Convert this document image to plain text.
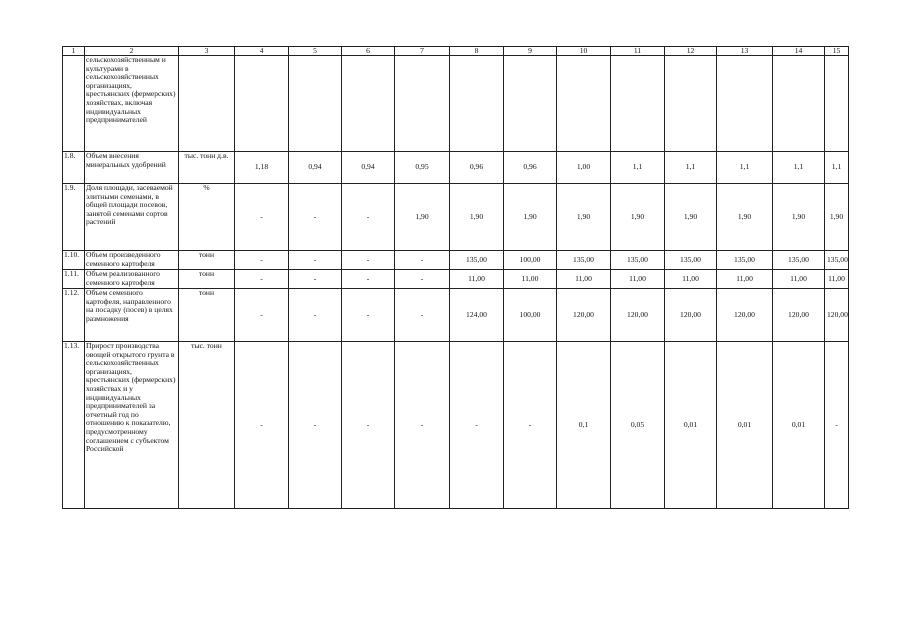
1	2	3	4	5	6	7	8	9	10	11	12	13	14	15
	сельскохозяйственным и культурами в сельскохозяйственных организациях, крестьянских (фермерских) хозяйствах, включая индивидуальных предпринимателей													
1.8.	Объем внесения минеральных удобрений	тыс. тонн д.в.	1,18	0,94	0,94	0,95	0,96	0,96	1,00	1,1	1,1	1,1	1,1	1,1
1.9.	Доля площади, засеваемой элитными семенами, в общей площади посевов, занятой семенами сортов растений	%	-	-	-	1,90	1,90	1,90	1,90	1,90	1,90	1,90	1,90	1,90
1.10.	Объем произведенного семенного картофеля	тонн	-	-	-	-	135,00	100,00	135,00	135,00	135,00	135,00	135,00	135,00
1.11.	Объем реализованного семенного картофеля	тонн	-	-	-	-	11,00	11,00	11,00	11,00	11,00	11,00	11,00	11,00
1.12.	Объем семенного картофеля, направленного на посадку (посев) в целях размножения	тонн	-	-	-	-	124,00	100,00	120,00	120,00	120,00	120,00	120,00	120,00
1.13.	Прирост производства овощей открытого грунта в сельскохозяйственных организациях, крестьянских (фермерских) хозяйствах и у индивидуальных предпринимателей за отчетный год по отношению к показателю, предусмотренному соглашением с субъектом Российской	тыс. тонн	-	-	-	-	-	-	0,1	0,05	0,01	0,01	0,01	-
